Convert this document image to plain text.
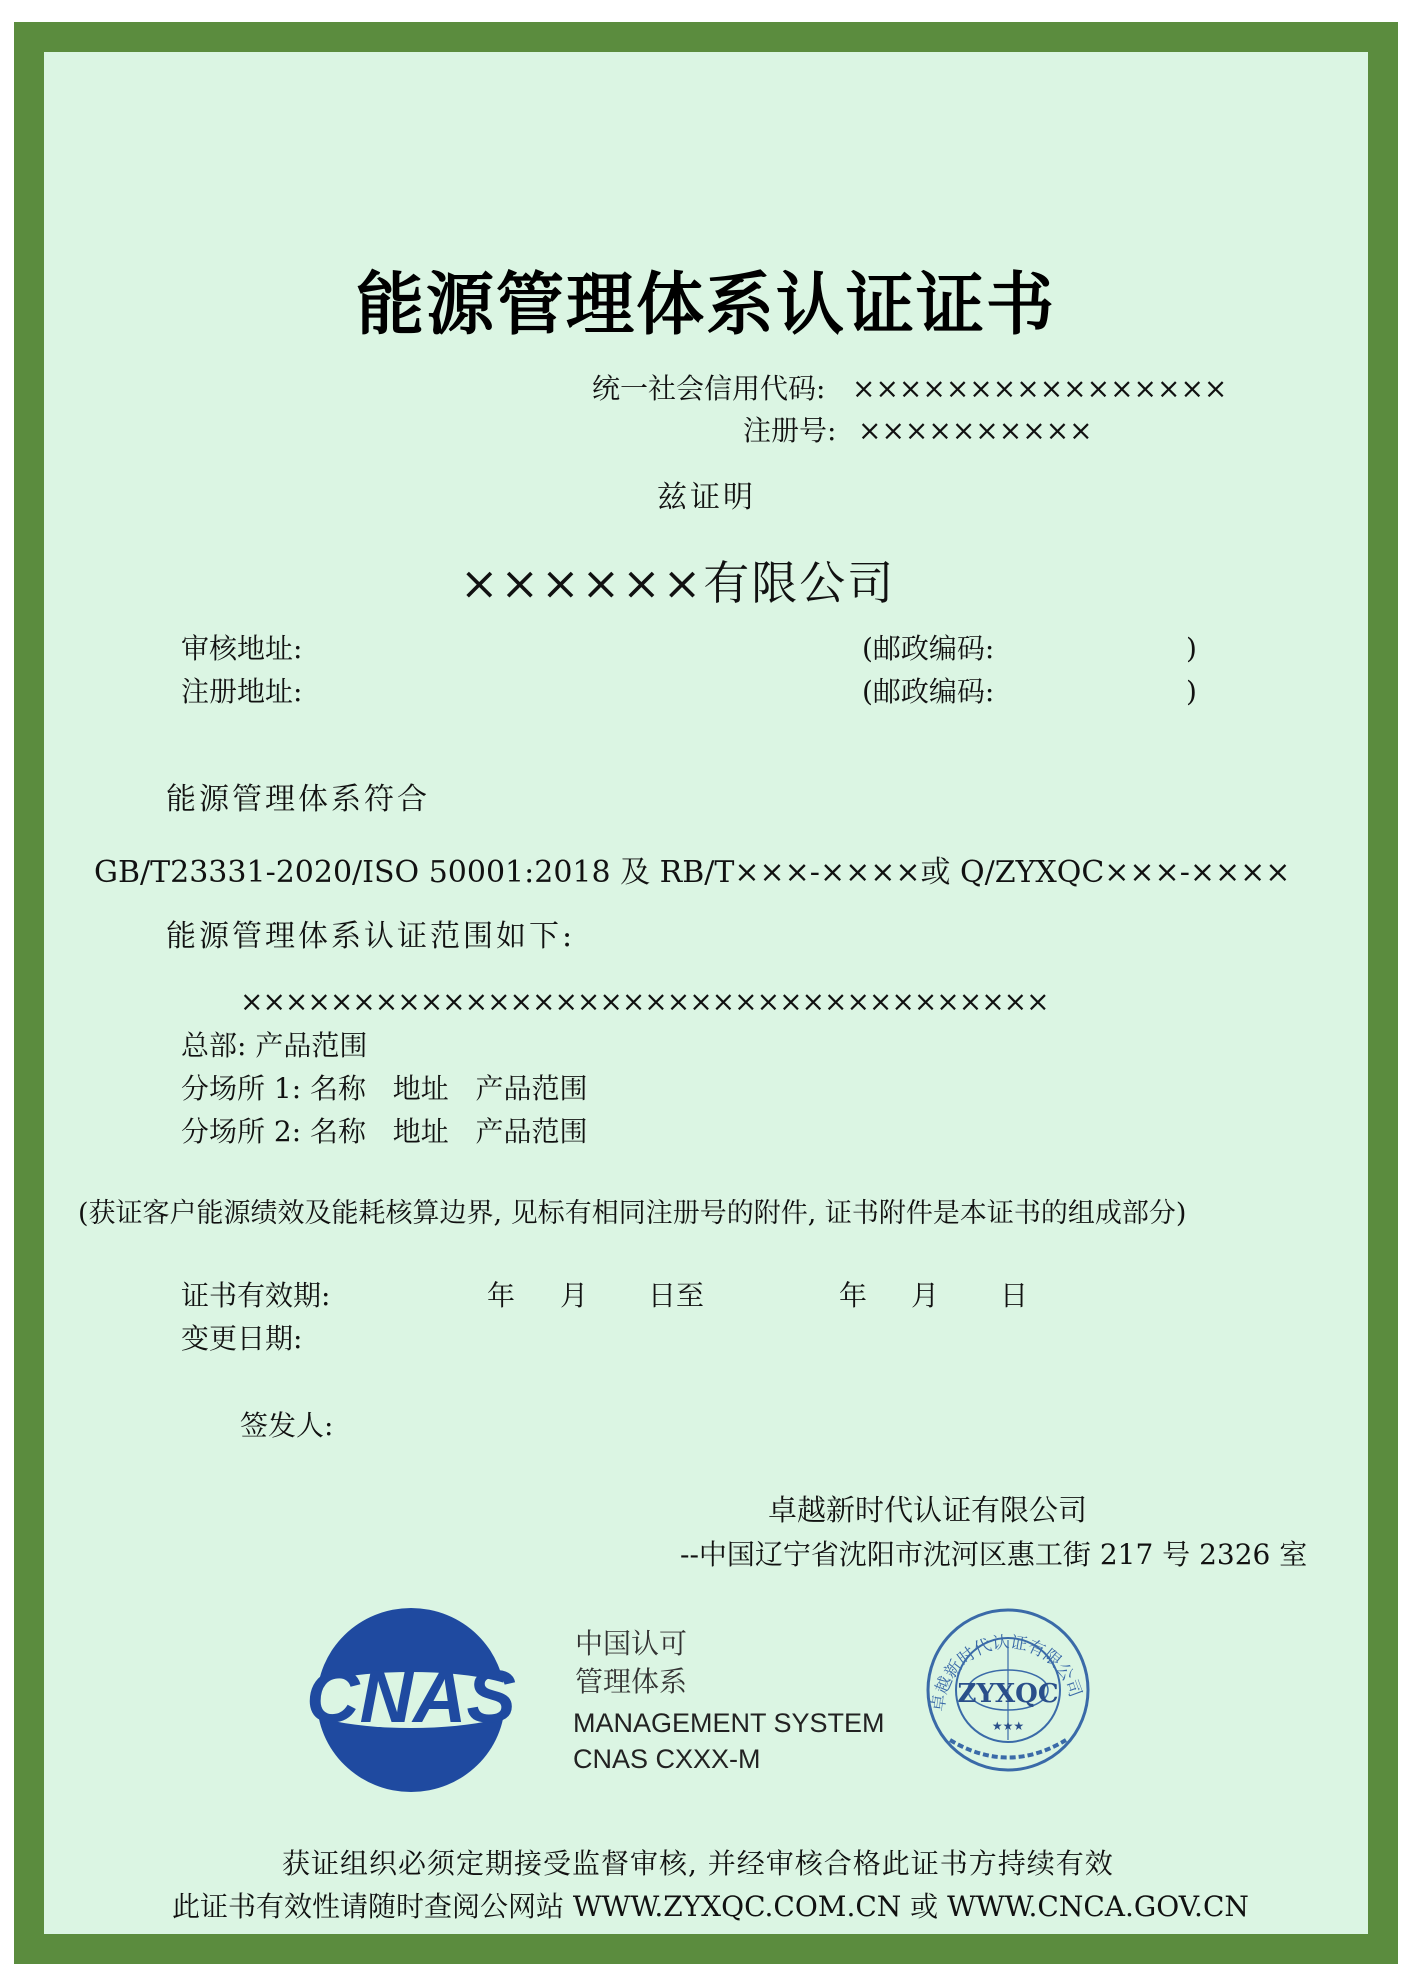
能源管理体系认证证书
统一社会信用代码: ××××××××××××××××
注册号: ××××××××××
兹证明
××××××有限公司
审核地址:	(邮政编码:	)
注册地址:	(邮政编码:	)
能源管理体系符合
GB/T23331-2020/ISO 50001:2018 及 RB/T×××-××××或 Q/ZYXQC×××-××××
能源管理体系认证范围如下:
××××××××××××××××××××××××××××××××××××
总部: 产品范围
分场所 1: 名称   地址   产品范围
分场所 2: 名称   地址   产品范围
(获证客户能源绩效及能耗核算边界, 见标有相同注册号的附件, 证书附件是本证书的组成部分)
证书有效期:	年 月 日至	年 月 日
变更日期:
签发人:
卓越新时代认证有限公司
--中国辽宁省沈阳市沈河区惠工街 217 号 2326 室
CNAS
中国认可
管理体系
MANAGEMENT SYSTEM
CNAS CXXX-M
卓越新时代认证有限公司
ZYXQC
★★★
获证组织必须定期接受监督审核, 并经审核合格此证书方持续有效
此证书有效性请随时查阅公网站 WWW.ZYXQC.COM.CN 或 WWW.CNCA.GOV.CN
